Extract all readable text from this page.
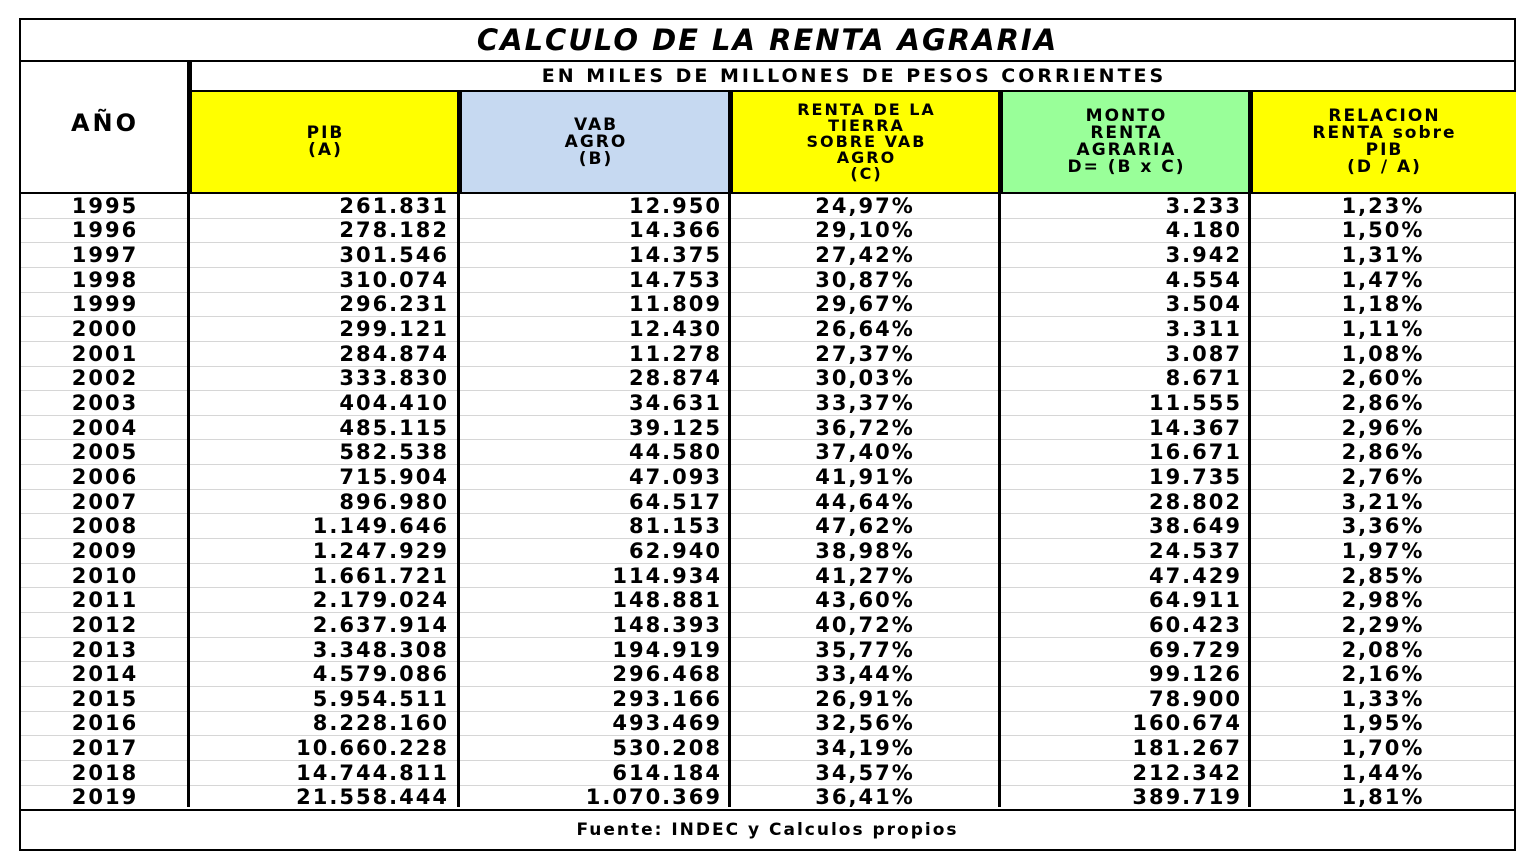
CALCULO DE LA RENTA AGRARIA
AÑO
EN MILES DE MILLONES DE PESOS CORRIENTES
PIB
(A)
VAB
AGRO
(B)
RENTA DE LA
TIERRA
SOBRE VAB
AGRO
(C)
MONTO
RENTA
AGRARIA
D= (B x C)
RELACION
RENTA sobre
PIB
(D / A)
1995	261.831	12.950	24,97%	3.233	1,23%
1996	278.182	14.366	29,10%	4.180	1,50%
1997	301.546	14.375	27,42%	3.942	1,31%
1998	310.074	14.753	30,87%	4.554	1,47%
1999	296.231	11.809	29,67%	3.504	1,18%
2000	299.121	12.430	26,64%	3.311	1,11%
2001	284.874	11.278	27,37%	3.087	1,08%
2002	333.830	28.874	30,03%	8.671	2,60%
2003	404.410	34.631	33,37%	11.555	2,86%
2004	485.115	39.125	36,72%	14.367	2,96%
2005	582.538	44.580	37,40%	16.671	2,86%
2006	715.904	47.093	41,91%	19.735	2,76%
2007	896.980	64.517	44,64%	28.802	3,21%
2008	1.149.646	81.153	47,62%	38.649	3,36%
2009	1.247.929	62.940	38,98%	24.537	1,97%
2010	1.661.721	114.934	41,27%	47.429	2,85%
2011	2.179.024	148.881	43,60%	64.911	2,98%
2012	2.637.914	148.393	40,72%	60.423	2,29%
2013	3.348.308	194.919	35,77%	69.729	2,08%
2014	4.579.086	296.468	33,44%	99.126	2,16%
2015	5.954.511	293.166	26,91%	78.900	1,33%
2016	8.228.160	493.469	32,56%	160.674	1,95%
2017	10.660.228	530.208	34,19%	181.267	1,70%
2018	14.744.811	614.184	34,57%	212.342	1,44%
2019	21.558.444	1.070.369	36,41%	389.719	1,81%
Fuente: INDEC y Calculos propios
